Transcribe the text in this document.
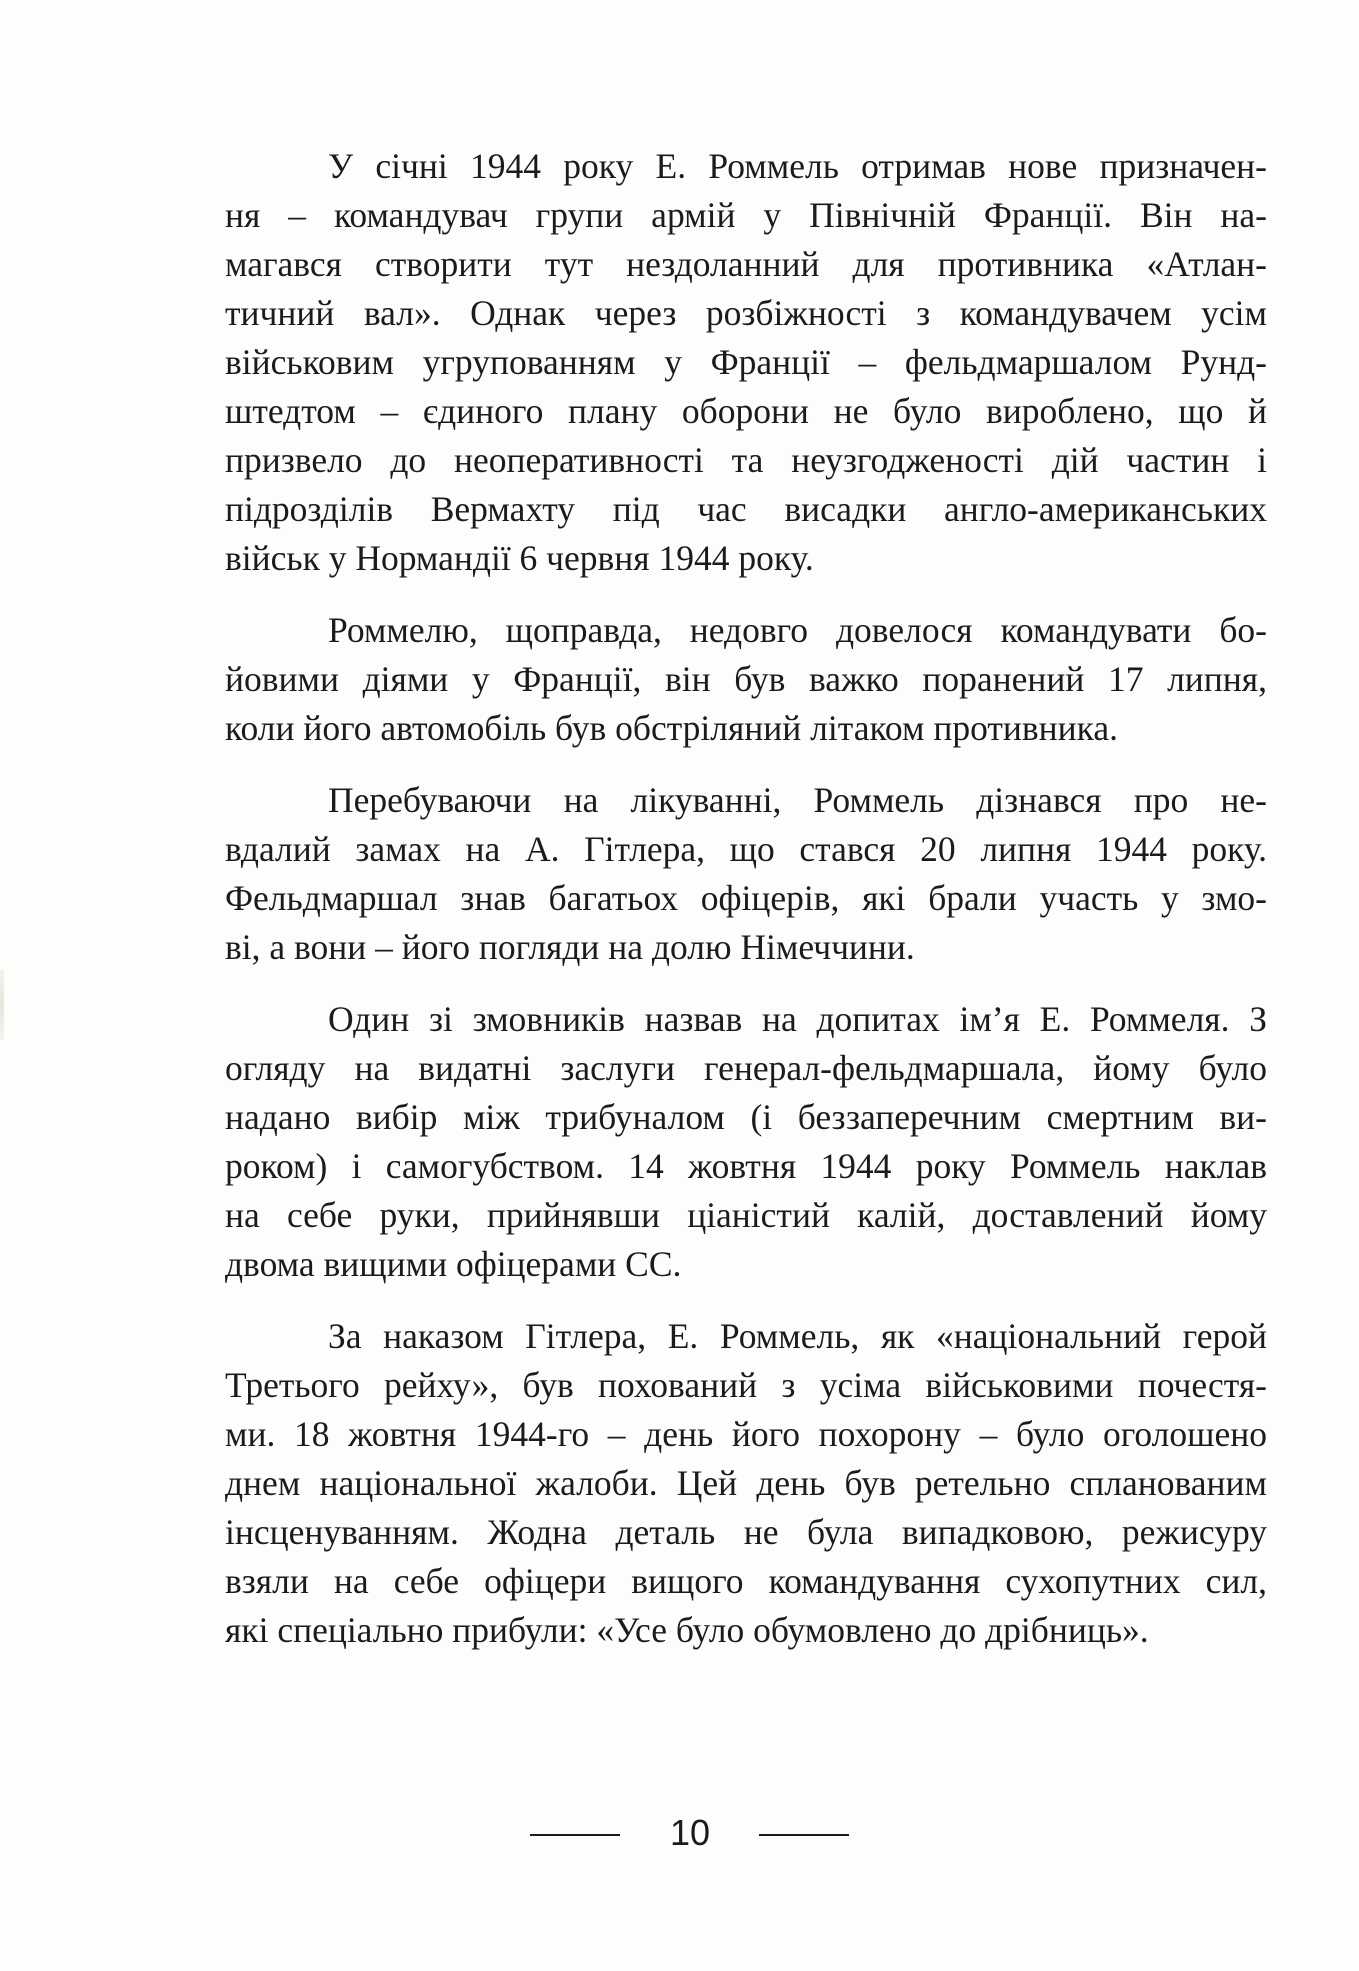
У січні 1944 року Е. Роммель отримав нове призначен-
ня – командувач групи армій у Північній Франції. Він на-
магався створити тут нездоланний для противника «Атлан-
тичний вал». Однак через розбіжності з командувачем усім
військовим угрупованням у Франції – фельдмаршалом Рунд-
штедтом – єдиного плану оборони не було вироблено, що й
призвело до неоперативності та неузгодженості дій частин і
підрозділів Вермахту під час висадки англо-американських
військ у Нормандії 6 червня 1944 року.

Роммелю, щоправда, недовго довелося командувати бо-
йовими діями у Франції, він був важко поранений 17 липня,
коли його автомобіль був обстріляний літаком противника.

Перебуваючи на лікуванні, Роммель дізнався про не-
вдалий замах на А. Гітлера, що стався 20 липня 1944 року.
Фельдмаршал знав багатьох офіцерів, які брали участь у змо-
ві, а вони – його погляди на долю Німеччини.

Один зі змовників назвав на допитах ім’я Е. Роммеля. З
огляду на видатні заслуги генерал-фельдмаршала, йому було
надано вибір між трибуналом (і беззаперечним смертним ви-
роком) і самогубством. 14 жовтня 1944 року Роммель наклав
на себе руки, прийнявши ціаністий калій, доставлений йому
двома вищими офіцерами СС.

За наказом Гітлера, Е. Роммель, як «національний герой
Третього рейху», був похований з усіма військовими почестя-
ми. 18 жовтня 1944-го – день його похорону – було оголошено
днем національної жалоби. Цей день був ретельно спланованим
інсценуванням. Жодна деталь не була випадковою, режисуру
взяли на себе офіцери вищого командування сухопутних сил,
які спеціально прибули: «Усе було обумовлено до дрібниць».

10
